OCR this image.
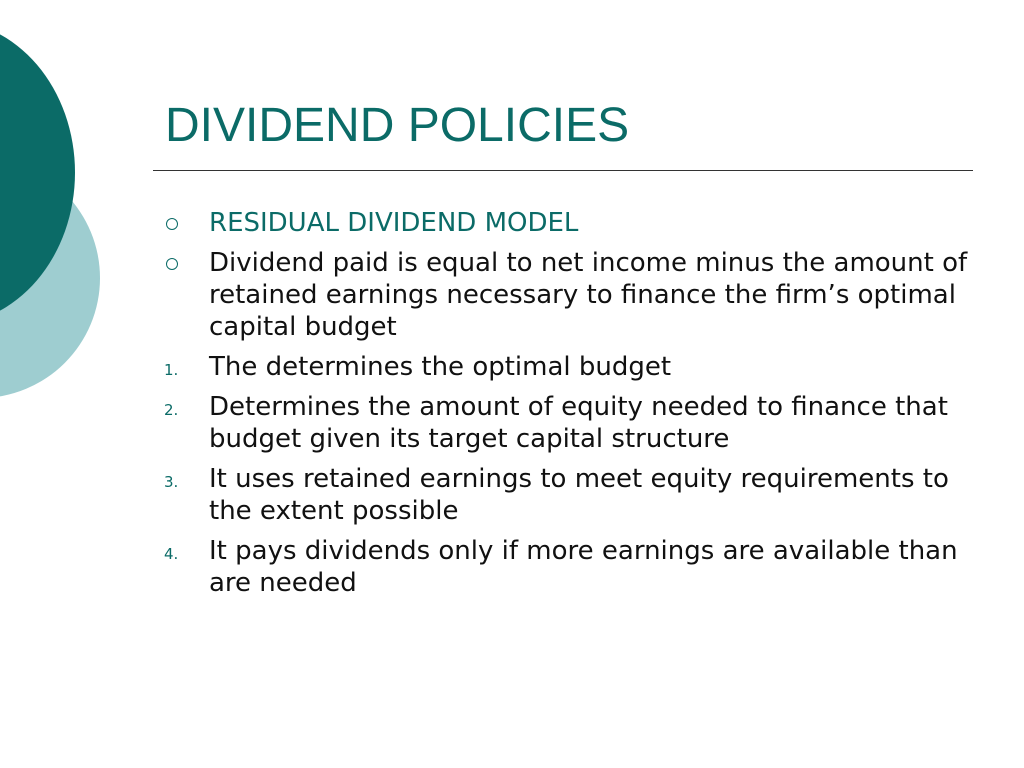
DIVIDEND POLICIES
RESIDUAL DIVIDEND MODEL
Dividend paid is equal to net income minus the amount of retained earnings necessary to finance the firm’s optimal capital budget
1. The determines the optimal budget
2. Determines the amount of equity needed to finance that budget given its target capital structure
3. It uses retained earnings to meet equity requirements to the extent possible
4. It pays dividends only if more earnings are available than are needed
